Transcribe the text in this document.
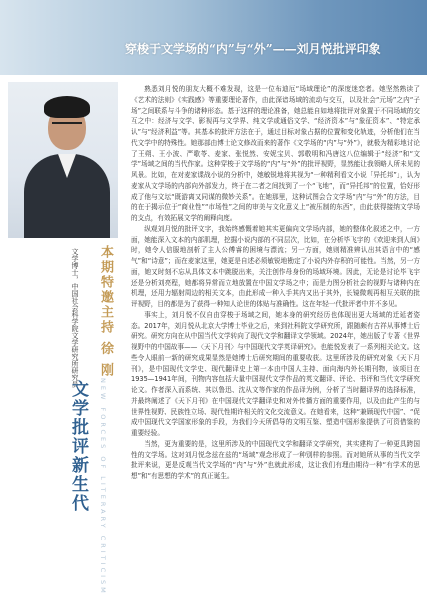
穿梭于文学场的“内”与“外”——刘月悦批评印象
本期特邀主持 徐 刚
文学博士，中国社会科学院文学研究所研究员
NEW FORCES OF LITERARY CRITICISM
文学批评新生代

熟悉刘月悦的朋友大概不难发现，这是一位布迪厄“场域理论”的深度迷恋者。她坚然熟读了《艺术的法则》《实践感》等重要理论著作，由此深谙场域的流动与交互，以及社会“元场”之内“子场”之间联系与斗争的诸种形态。基于这样的理论准备，她总能自如地将批评对象置于不同场域的交互之中：经济与文学、影视再与文学界、纯文学或通俗文学、“经济资本”与“象征资本”、“特定承认”与“经济利益”等。其基本的批评方法在于，通过目标对象占据的位置和变化轨迹，分析他们在当代文学中的特殊性。她那部由博士论文修改而来的著作《文学场的“内”与“外”》，就极为精彩地讨论了王朔、王小波、严歌苓、麦家、张悦然、安妮宝贝、郭敬明和冯唐这八位编辑于“经济”和“文学”场域之间的当代作家。这种穿梭于文学场的“内”与“外”的批评视野，显然能让我领略人所未见的风景。比如，在对麦家谍战小说的分析中，她敏锐地将其视为“一种精利看文小说「异托邦”」，认为麦家从文学场的内部向外部发力，终于在二者之间找到了一个“飞地”，而“异托邦”的位置，恰好形成了他与文坛“既游离又同谋的微妙关系”。在她那里，这种试图会合文学场“内”与“外”的方法，目的在于揭示位于“商业性”“市场性”之间的审美与文化意义上“被压制的东西”，由此获得接纳文学场的支点，有效拓展文学的阐释向度。

纵观刘月悦的批评文字，我始终感慨着她其实更偏向文学场内部，她的整体化叙述之中，一方面，她能深入文本的内部肌理，挖掘小说内部的不同层次，比如，在分析毕飞宇的《欢迎来到人间》时，她令人信服地剖析了主人公傅睿的困境与漂流；另一方面，她则精准辨认出其语言中的“感气”和“诗意”；而在麦家这里，她更是自述必须敏锐地勘定了小说内外存积的可能性。当然，另一方面，她又时刻不忘从具体文本中跳脱出来，关注创作母身份的场域环境。因此，无论是讨论毕飞宇还是分析刘亮程，她都将异常而立地放置在中国文学场之中；而是力图分析社会的视野与诸种内在机理，还用力辐射周边的相关文本，由此形成一种入手其内又出于其外，长镜微观再相互关联的批评视野，目的都是为了获得一种知人论世的体贴与准确性。这在年轻一代批评者中并不多见。

事实上，刘月悦不仅自由穿梭于场域之间，她本身的研究经历也体现出更大场域的迁延者姿态。2017年，刘月悦从北京大学博士毕业之后，来到社科院文学研究所，跟随颇有古祥从事博士后研究。研究方向在从中国当代文学转向了现代文学和翻译文学领域。2024年，她出版了专著《世界视野中的中国故事——〈天下月刊〉与中国现代文学英译研究》。也能悦发表了一系列相关论文。这些令人眼前一新的研究成果显然是她博士后研究期间的重要收获。这里所涉及的研究对象《天下月刊》，是中国现代文学史、现代翻译史上第一本由中国人主持、面向海内外长期刊物，该项目在1935—1941年间，刊物内容包括大量中国现代文学作品的英文翻译、评论、书评和当代文学研究论文。作者深入而系统、其以鲁迅、沈从文等作家的作品译为例，分析了当时翻译界的选择标准，并最终阐述了《天下月刊》在中国现代文学翻译史和对外传播方面的重要作用，以及由此产生的与世界性视野、民族性立场、现代性期许相关的文化交流意义。在她看来，这种“兼顾现代中国”、“促成中国现代文学国家形象的手段，为我们今天所倡导的文明互鉴、塑造中国形象提供了可资借鉴的重要经验。

当然，更为重要的是，这里所涉及的中国现代文学和翻译文学研究，其实建构了一种更具跨国性的文学场。这对刘月悦念兹在兹的“场域”观念形成了一种别样的参照。而对她所从事的当代文学批评来说，更是反观当代文学场的“内”与“外”也就此形成，这让我们有理由期待一种“有学术的思想”和“有思想的学术”的真正诞生。
